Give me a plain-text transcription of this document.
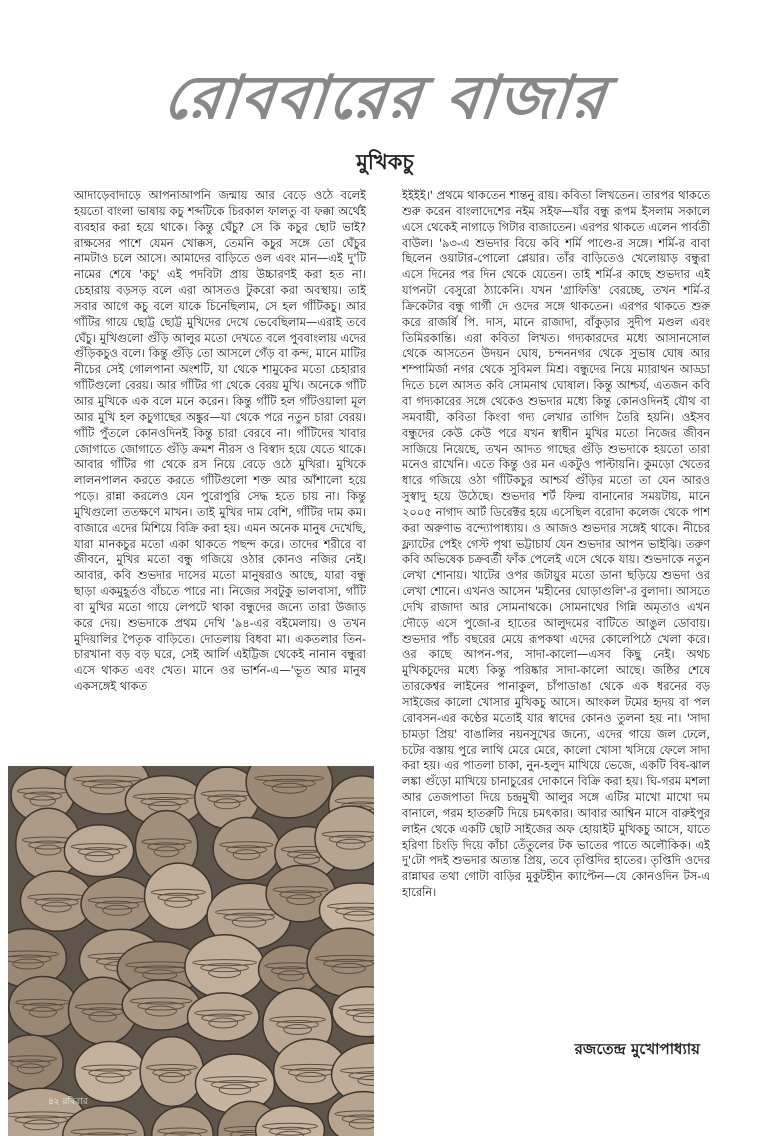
রোববারের বাজার
মুখিকচু
আদাড়েবাদাড়ে আপনাআপনি জন্মায় আর বেড়ে ওঠে বলেই হয়তো বাংলা ভাষায় কচু শব্দটিকে চিরকাল ফালতু বা ফক্কা অর্থেই ব্যবহার করা হয়ে থাকে। কিন্তু ঘেঁচু? সে কি কচুর ছোট ভাই? রাক্ষসের পাশে যেমন খোক্কস, তেমনি কচুর সঙ্গে তো ঘেঁচুর নামটাও চলে আসে। আমাদের বাড়িতে ওল এবং মান—এই দু'টি নামের শেষে 'কচু' এই পদবিটা প্রায় উচ্চারণই করা হত না। চেহারায় বড়সড় বলে এরা আসতও টুকরো করা অবস্থায়। তাই সবার আগে কচু বলে যাকে চিনেছিলাম, সে হল গাঁটিকচু। আর গাঁটির গায়ে ছোট্ট ছোট্ট মুখিদের দেখে ভেবেছিলাম—এরাই তবে ঘেঁচু। মুখিগুলো গুঁড়ি আলুর মতো দেখতে বলে পুববাংলায় এদের গুঁড়িকচুও বলে। কিন্তু গুঁড়ি তো আসলে গেঁড় বা কন্দ, মানে মাটির নীচের সেই গোলপানা অংশটি, যা থেকে শামুকের মতো চেহারার গাঁটিগুলো বেরয়। আর গাঁটির গা থেকে বেরয় মুখি। অনেকে গাঁটি আর মুখিকে এক বলে মনে করেন। কিন্তু গাঁটি হল গাঁটওয়ালা মূল আর মুখি হল কচুগাছের অঙ্কুর—যা থেকে পরে নতুন চারা বেরয়। গাঁটি পুঁতলে কোনওদিনই কিন্তু চারা বেরবে না। গাঁটিদের খাবার জোগাতে জোগাতে গুঁড়ি ক্রমশ নীরস ও বিস্বাদ হয়ে যেতে থাকে। আবার গাঁটির গা থেকে রস নিয়ে বেড়ে ওঠে মুখিরা। মুখিকে লালনপালন করতে করতে গাঁটিগুলো শক্ত আর আঁশালো হয়ে পড়ে। রান্না করলেও যেন পুরোপুরি সেদ্ধ হতে চায় না। কিন্তু মুখিগুলো ততক্ষণে মাখন। তাই মুখির দাম বেশি, গাঁটির দাম কম। বাজারে এদের মিশিয়ে বিক্রি করা হয়। এমন অনেক মানুষ দেখেছি, যারা মানকচুর মতো একা থাকতে পছন্দ করে। তাদের শরীরে বা জীবনে, মুখির মতো বন্ধু গজিয়ে ওঠার কোনও নজির নেই। আবার, কবি শুভদার দাসের মতো মানুষরাও আছে, যারা বন্ধু ছাড়া একমুহূর্তও বাঁচতে পারে না। নিজের সবটুকু ভালবাসা, গাঁটি বা মুখির মতো গায়ে লেপটে থাকা বন্ধুদের জন্যে তারা উজাড় করে দেয়। শুভদাকে প্রথম দেখি '৯৪-এর বইমেলায়। ও তখন মুদিয়ালির পৈতৃক বাড়িতে। দোতলায় বিধবা মা। একতলার তিন-চারখানা বড় বড় ঘরে, সেই আর্লি এইট্টিজ থেকেই নানান বন্ধুরা এসে থাকত এবং খেত। মানে ওর ভার্শন-এ—'ভূত আর মানুষ একসঙ্গেই থাকত
ইইইই।' প্রথমে থাকতেন শান্তনু রায়। কবিতা লিখতেন। তারপর থাকতে শুরু করেন বাংলাদেশের নইম সইফ—যাঁর বন্ধু রূপম ইসলাম সকালে এসে থেকেই নাগাড়ে গিটার বাজাতেন। এরপর থাকতে এলেন পার্বতী বাউল। '৯৩-এ শুভদার বিয়ে কবি শর্মি পাণ্ডে-র সঙ্গে। শর্মি-র বাবা ছিলেন ওয়াটার-পোলো প্লেয়ার। তাঁর বাড়িতেও খেলোয়াড় বন্ধুরা এসে দিনের পর দিন থেকে যেতেন। তাই শর্মি-র কাছে শুভদার এই যাপনটা বেসুরো ঠ্যাকেনি। যখন 'গ্রাফিত্তি' বেরচ্ছে, তখন শর্মি-র ক্রিকেটার বন্ধু গার্গী দে ওদের সঙ্গে থাকতেন। এরপর থাকতে শুরু করে রাজর্ষি পি. দাস, মানে রাজাদা, বাঁকুড়ার সুদীপ মণ্ডল এবং তিমিরকান্তি। এরা কবিতা লিখত। গদ্যকারদের মধ্যে আসানসোল থেকে আসতেন উদয়ন ঘোষ, চন্দননগর থেকে সুভাষ ঘোষ আর শম্পামির্জা নগর থেকে সুবিমল মিশ্র। বন্ধুদের নিয়ে ম্যারাথন আড্ডা দিতে চলে আসত কবি সোমনাথ ঘোষাল। কিন্তু আশ্চর্য, এতজন কবি বা গদ্যকারের সঙ্গে থেকেও শুভদার মধ্যে কিন্তু কোনওদিনই যৌথ বা সমবায়ী, কবিতা কিংবা গদ্য লেখার তাগিদ তৈরি হয়নি। ওইসব বন্ধুদের কেউ কেউ পরে যখন স্বাধীন মুখির মতো নিজের জীবন সাজিয়ে নিয়েছে, তখন আদত গাছের গুঁড়ি শুভদাকে হয়তো তারা মনেও রাখেনি। এতে কিন্তু ওর মন একটুও পাল্টায়নি। কুমড়ো খেতের ধারে গজিয়ে ওঠা গাঁটিকচুর আশ্চর্য গুঁড়ির মতো তা যেন আরও সুস্বাদু হয়ে উঠেছে। শুভদার শর্ট ফিল্ম বানানোর সময়টায়, মানে ২০০৫ নাগাদ আর্ট ডিরেক্টর হয়ে এসেছিল বরোদা কলেজ থেকে পাশ করা অরুণাভ বন্দ্যোপাধ্যায়। ও আজও শুভদার সঙ্গেই থাকে। নীচের ফ্ল্যাটের পেইং গেস্ট পৃথা ভট্টাচার্য যেন শুভদার আপন ভাইঝি। তরুণ কবি অভিষেক চক্রবর্তী ফাঁক পেলেই এসে থেকে যায়। শুভদাকে নতুন লেখা শোনায়। খাটের ওপর জটায়ুর মতো ডানা ছড়িয়ে শুভদা ওর লেখা শোনে। এখনও আসেন 'মহীনের ঘোড়াগুলি'-র বুলাদা। আসতে দেখি রাজাদা আর সোমনাথকে। সোমনাথের গিন্নি অমৃতাও এখন দৌড়ে এসে পুজো-র হাতের আলুদমের বাটিতে আঙুল ডোবায়। শুভদার পাঁচ বছরের মেয়ে রূপকথা এদের কোলেপিঠে খেলা করে। ওর কাছে আপন-পর, সাদা-কালো—এসব কিছু নেই। অথচ মুখিকচুদের মধ্যে কিন্তু পরিষ্কার সাদা-কালো আছে। জষ্ঠির শেষে তারকেশ্বর লাইনের পানাকুল, চাঁপাডাঙা থেকে এক ধরনের বড় সাইজের কালো খোসার মুখিকচু আসে। আংকল টমের হৃদয় বা পল রোবসন-এর কণ্ঠের মতোই যার স্বাদের কোনও তুলনা হয় না। 'সাদা চামড়া প্রিয়' বাঙালির নয়নসুখের জন্যে, এদের গায়ে জল ঢেলে, চটের বস্তায় পুরে লাথি মেরে মেরে, কালো খোসা খসিয়ে ফেলে সাদা করা হয়। এর পাতলা চাকা, নুন-হলুদ মাখিয়ে ভেজে, একটি বিষ-ঝাল লঙ্কা গুঁড়ো মাখিয়ে চানাচুরের দোকানে বিক্রি করা হয়। ঘি-গরম মশলা আর তেজপাতা দিয়ে চন্দ্রমুখী আলুর সঙ্গে এটির মাখো মাখো দম বানালে, গরম হাতরুটি দিয়ে চমৎকার। আবার আশ্বিন মাসে বারুইপুর লাইন থেকে একটি ছোট সাইজের অফ হোয়াইট মুখিকচু আসে, যাতে হরিণা চিংড়ি দিয়ে কাঁচা তেঁতুলের টক ভাতের পাতে অলৌকিক। এই দু'টো পদই শুভদার অত্যন্ত প্রিয়, তবে তৃপ্তিদির হাতের। তৃপ্তিদি ওদের রান্নাঘর তথা গোটা বাড়ির মুকুটহীন ক্যাপ্টেন—যে কোনওদিন টস-এ হারেনি।
৪২ রবিবার
রজতেন্দ্র মুখোপাধ্যায়
